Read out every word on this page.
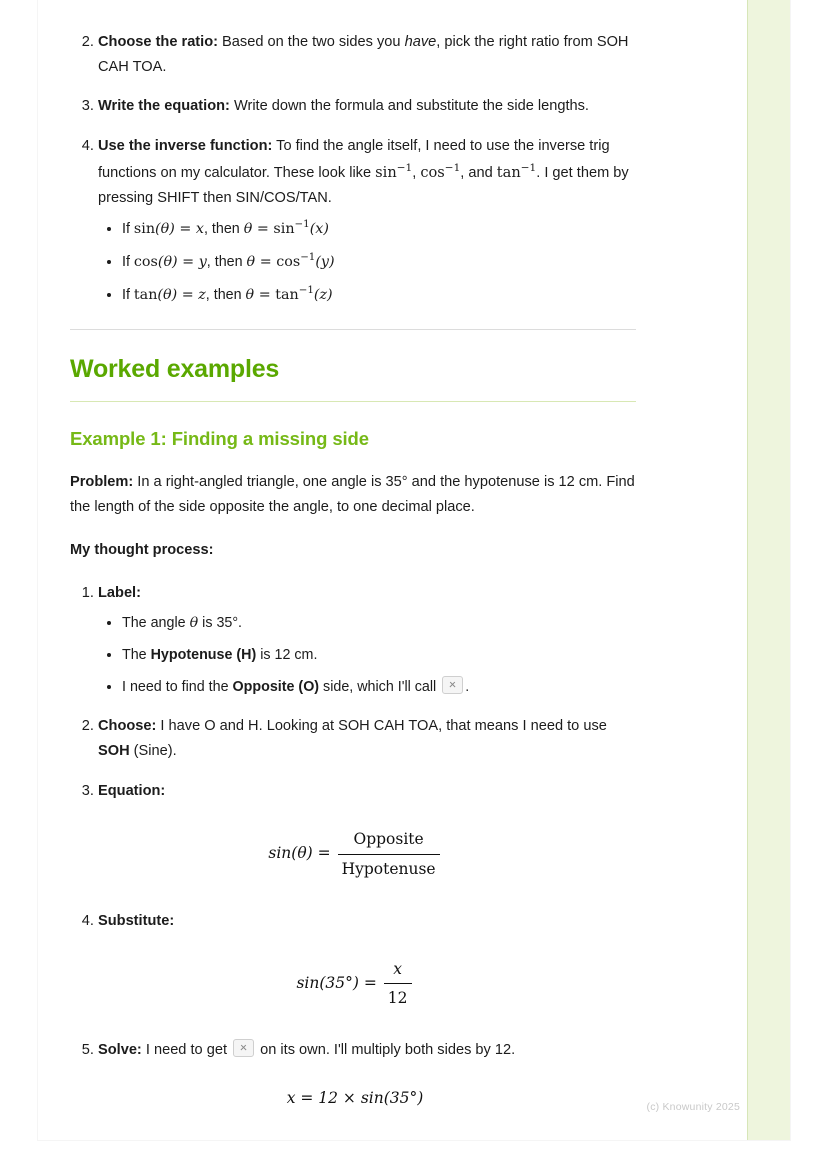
2. Choose the ratio: Based on the two sides you have, pick the right ratio from SOH CAH TOA.
3. Write the equation: Write down the formula and substitute the side lengths.
4. Use the inverse function: To find the angle itself, I need to use the inverse trig functions on my calculator. These look like $\sin^{-1}$, $\cos^{-1}$, and $\tan^{-1}$. I get them by pressing SHIFT then SIN/COS/TAN.
• If sin(θ) = x, then $\theta = \sin^{-1}(x)$
• If cos(θ) = y, then $\theta = \cos^{-1}(y)$
• If tan(θ) = z, then $\theta = \tan^{-1}(z)$
Worked examples
Example 1: Finding a missing side

Problem: In a right-angled triangle, one angle is 35° and the hypotenuse is 12 cm. Find the length of the side opposite the angle, to one decimal place.

My thought process:

1. Label:
• The angle θ is 35°.
• The Hypotenuse (H) is 12 cm.
• I need to find the Opposite (O) side, which I'll call .
2. Choose: I have O and H. Looking at SOH CAH TOA, that means I need to use SOH (Sine).
3. Equation:
$\sin(\theta) = \frac{\text{Opposite}}{\text{Hypotenuse}}$
4. Substitute:
$\sin(35^\circ) = \frac{x}{12}$
5. Solve: I need to get  on its own. I'll multiply both sides by 12.
x = 12 × sin(35°)	(c) Knowunity 2025
